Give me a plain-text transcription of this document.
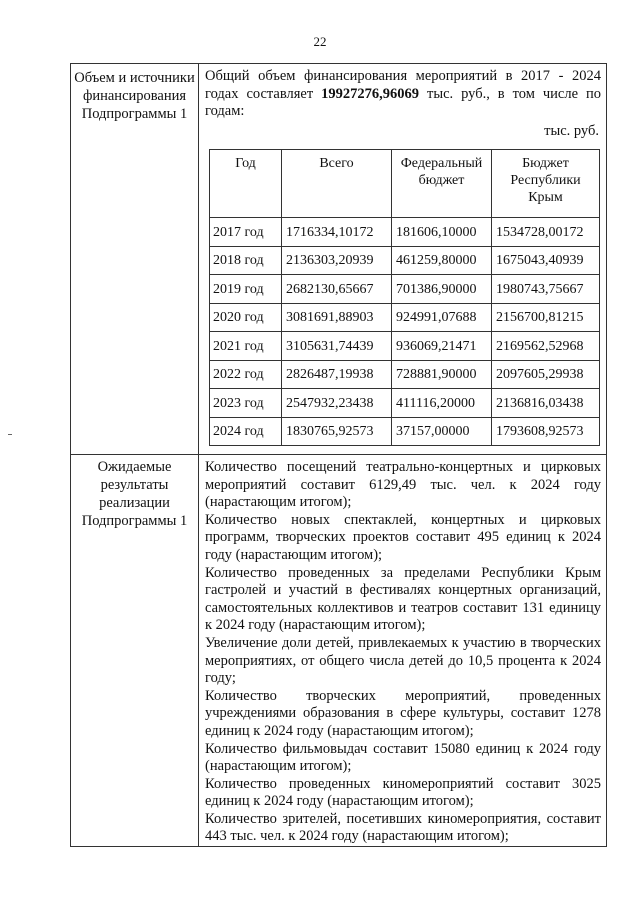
22
Объем и источники финансирования Подпрограммы 1	

Общий объем финансирования мероприятий в 2017 - 2024 годах составляет 19927276,96069 тыс. руб., в том числе по годам:

тыс. руб.
Год	Всего	Федеральный бюджет	Бюджет Республики Крым
2017 год	1716334,10172	181606,10000	1534728,00172
2018 год	2136303,20939	461259,80000	1675043,40939
2019 год	2682130,65667	701386,90000	1980743,75667
2020 год	3081691,88903	924991,07688	2156700,81215
2021 год	3105631,74439	936069,21471	2169562,52968
2022 год	2826487,19938	728881,90000	2097605,29938
2023 год	2547932,23438	411116,20000	2136816,03438
2024 год	1830765,92573	37157,00000	1793608,92573

Ожидаемые результаты реализации Подпрограммы 1	

Количество посещений театрально-концертных и цирковых мероприятий составит 6129,49 тыс. чел. к 2024 году (нарастающим итогом);

Количество новых спектаклей, концертных и цирковых программ, творческих проектов составит 495 единиц к 2024 году (нарастающим итогом);

Количество проведенных за пределами Республики Крым гастролей и участий в фестивалях концертных организаций, самостоятельных коллективов и театров составит 131 единицу к 2024 году (нарастающим итогом);

Увеличение доли детей, привлекаемых к участию в творческих мероприятиях, от общего числа детей до 10,5 процента к 2024 году;

Количество творческих мероприятий, проведенных учреждениями образования в сфере культуры, составит 1278 единиц к 2024 году (нарастающим итогом);

Количество фильмовыдач составит 15080 единиц к 2024 году (нарастающим итогом);

Количество проведенных киномероприятий составит 3025 единиц к 2024 году (нарастающим итогом);

Количество зрителей, посетивших киномероприятия, составит 443 тыс. чел. к 2024 году (нарастающим итогом);
